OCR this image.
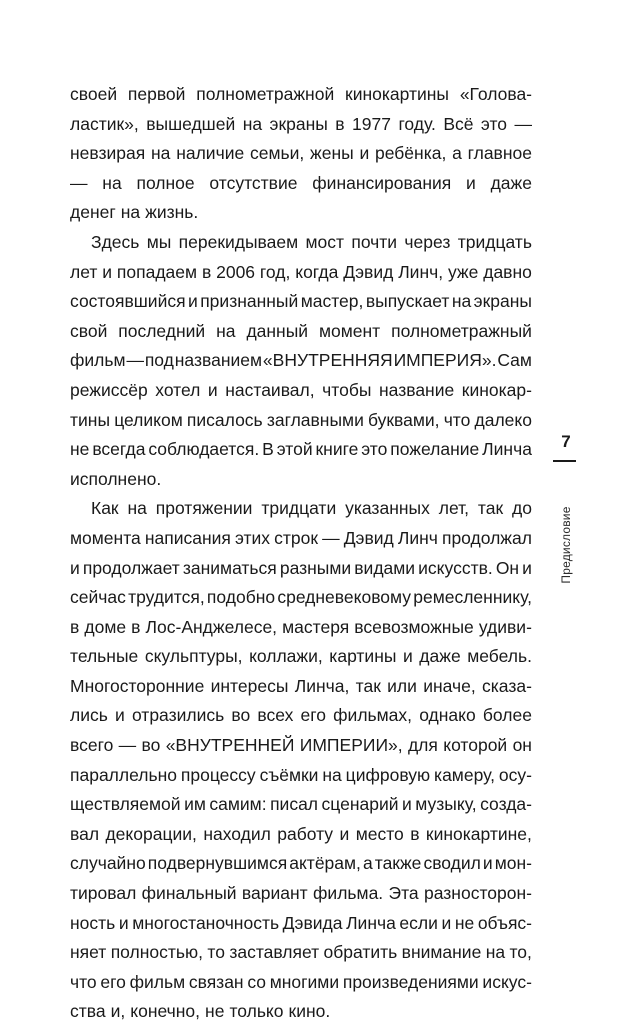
своей первой полнометражной кинокартины «Голова-
ластик», вышедшей на экраны в 1977 году. Всё это —
невзирая на наличие семьи, жены и ребёнка, а главное
— на полное отсутствие финансирования и даже
денег на жизнь.
Здесь мы перекидываем мост почти через тридцать
лет и попадаем в 2006 год, когда Дэвид Линч, уже давно
состоявшийся и признанный мастер, выпускает на экраны
свой последний на данный момент полнометражный
фильм — под названием «ВНУТРЕННЯЯ ИМПЕРИЯ». Сам
режиссёр хотел и настаивал, чтобы название кинокар-
тины целиком писалось заглавными буквами, что далеко
не всегда соблюдается. В этой книге это пожелание Линча
исполнено.
Как на протяжении тридцати указанных лет, так до
момента написания этих строк — Дэвид Линч продолжал
и продолжает заниматься разными видами искусств. Он и
сейчас трудится, подобно средневековому ремесленнику,
в доме в Лос-Анджелесе, мастеря всевозможные удиви-
тельные скульптуры, коллажи, картины и даже мебель.
Многосторонние интересы Линча, так или иначе, сказа-
лись и отразились во всех его фильмах, однако более
всего — во «ВНУТРЕННЕЙ ИМПЕРИИ», для которой он
параллельно процессу съёмки на цифровую камеру, осу-
ществляемой им самим: писал сценарий и музыку, созда-
вал декорации, находил работу и место в кинокартине,
случайно подвернувшимся актёрам, а также сводил и мон-
тировал финальный вариант фильма. Эта разносторон-
ность и многостаночность Дэвида Линча если и не объяс-
няет полностью, то заставляет обратить внимание на то,
что его фильм связан со многими произведениями искус-
ства и, конечно, не только кино.
7
Предисловие
